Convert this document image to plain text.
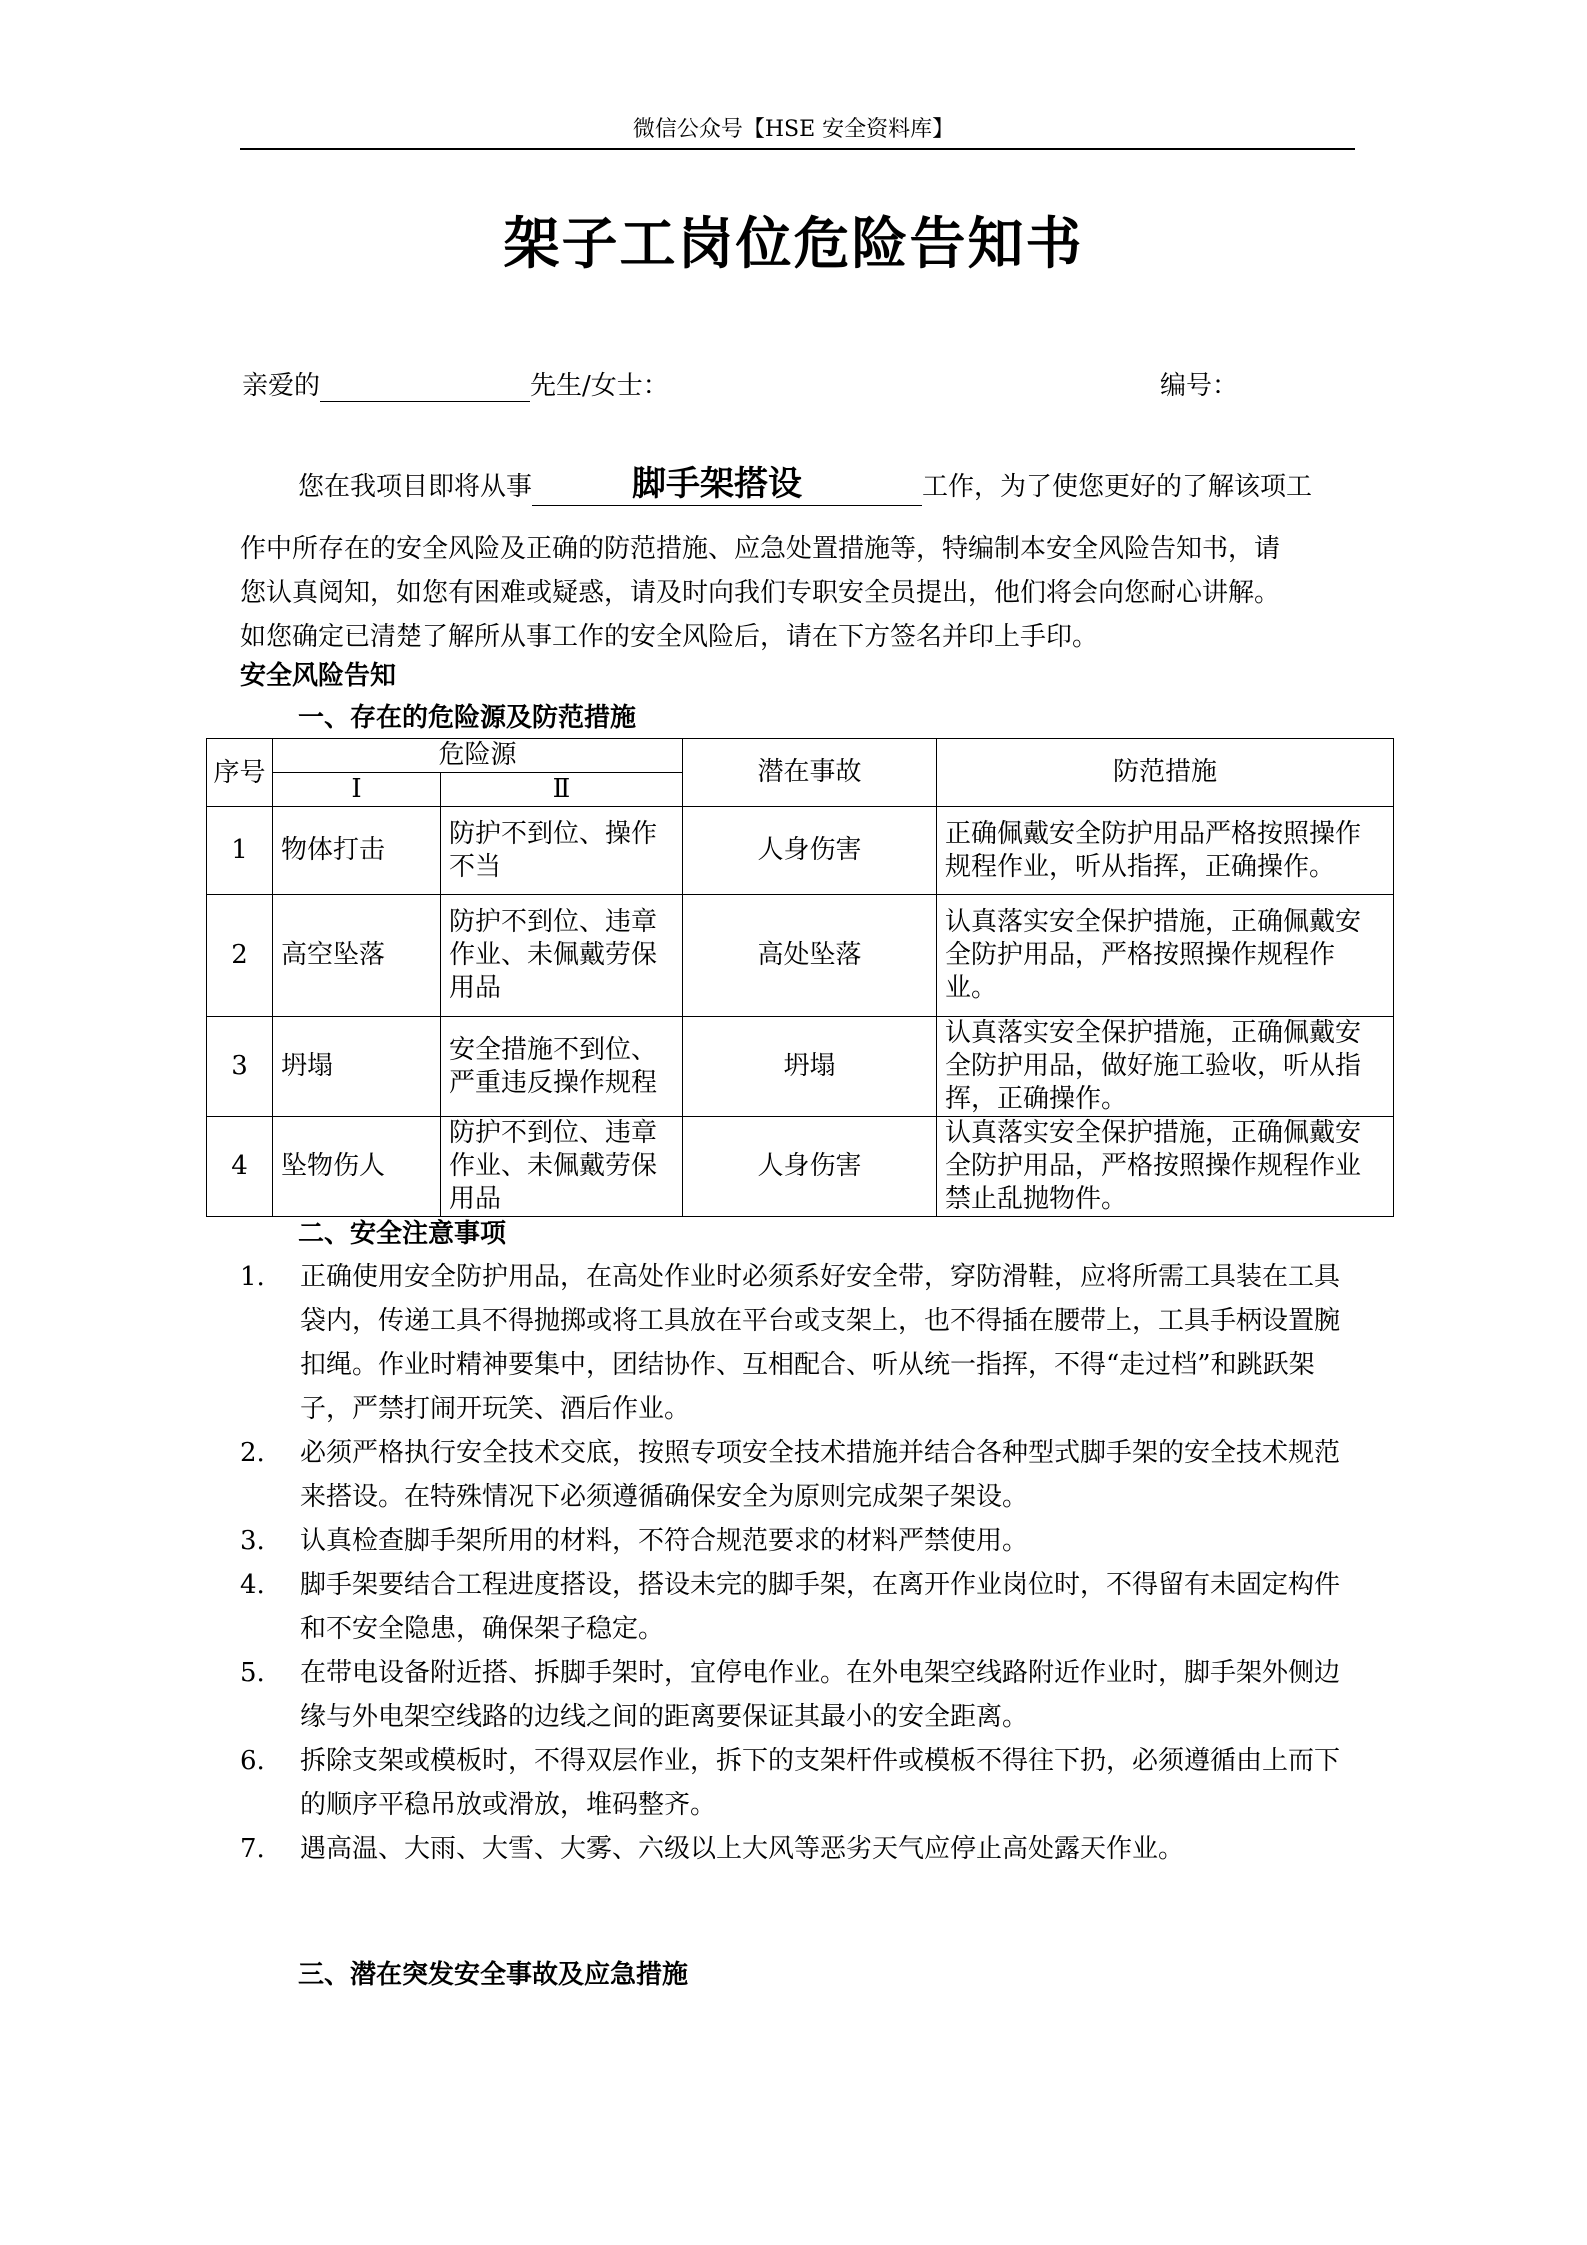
微信公众号【HSE 安全资料库】
架子工岗位危险告知书
亲爱的	先生/女士：	编号：
您在我项目即将从事	脚手架搭设	工作，为了使您更好的了解该项工
作中所存在的安全风险及正确的防范措施、应急处置措施等，特编制本安全风险告知书，请
您认真阅知，如您有困难或疑惑，请及时向我们专职安全员提出，他们将会向您耐心讲解。
如您确定已清楚了解所从事工作的安全风险后，请在下方签名并印上手印。
安全风险告知
一、存在的危险源及防范措施
序号	危险源		潜在事故	防范措施
	Ⅰ	Ⅱ		
1	物体打击	防护不到位、操作不当	人身伤害	正确佩戴安全防护用品严格按照操作规程作业，听从指挥，正确操作。
2	高空坠落	防护不到位、违章作业、未佩戴劳保用品	高处坠落	认真落实安全保护措施，正确佩戴安全防护用品，严格按照操作规程作业。
3	坍塌	安全措施不到位、严重违反操作规程	坍塌	认真落实安全保护措施，正确佩戴安全防护用品，做好施工验收，听从指挥，正确操作。
4	坠物伤人	防护不到位、违章作业、未佩戴劳保用品	人身伤害	认真落实安全保护措施，正确佩戴安全防护用品，严格按照操作规程作业禁止乱抛物件。
二、安全注意事项
1. 正确使用安全防护用品，在高处作业时必须系好安全带，穿防滑鞋，应将所需工具装在工具袋内，传递工具不得抛掷或将工具放在平台或支架上，也不得插在腰带上，工具手柄设置腕扣绳。作业时精神要集中，团结协作、互相配合、听从统一指挥，不得“走过档”和跳跃架子，严禁打闹开玩笑、酒后作业。
2. 必须严格执行安全技术交底，按照专项安全技术措施并结合各种型式脚手架的安全技术规范来搭设。在特殊情况下必须遵循确保安全为原则完成架子架设。
3. 认真检查脚手架所用的材料，不符合规范要求的材料严禁使用。
4. 脚手架要结合工程进度搭设，搭设未完的脚手架，在离开作业岗位时，不得留有未固定构件和不安全隐患，确保架子稳定。
5. 在带电设备附近搭、拆脚手架时，宜停电作业。在外电架空线路附近作业时，脚手架外侧边缘与外电架空线路的边线之间的距离要保证其最小的安全距离。
6. 拆除支架或模板时，不得双层作业，拆下的支架杆件或模板不得往下扔，必须遵循由上而下的顺序平稳吊放或滑放，堆码整齐。
7. 遇高温、大雨、大雪、大雾、六级以上大风等恶劣天气应停止高处露天作业。
三、潜在突发安全事故及应急措施
